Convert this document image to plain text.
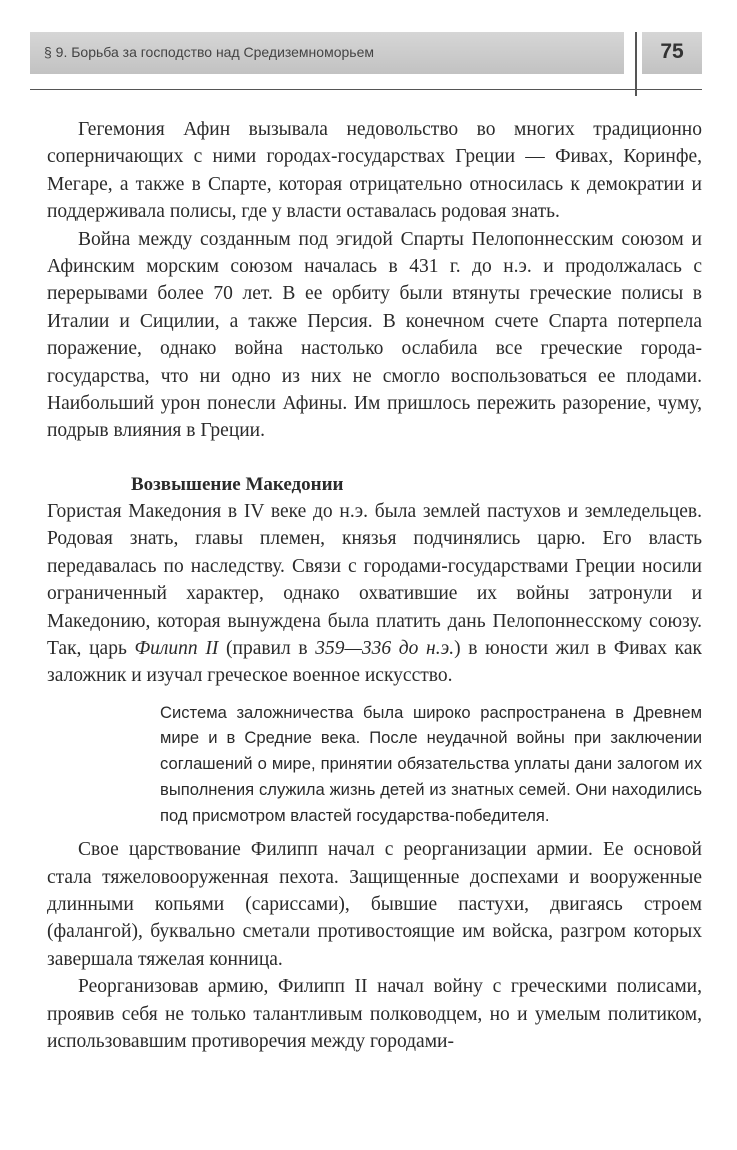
§ 9. Борьба за господство над Средиземноморьем	75

Гегемония Афин вызывала недовольство во многих традиционно соперничающих с ними городах-государствах Греции — Фивах, Коринфе, Мегаре, а также в Спарте, которая отрицательно относилась к демократии и поддерживала полисы, где у власти оставалась родовая знать.

Война между созданным под эгидой Спарты Пелопоннесским союзом и Афинским морским союзом началась в 431 г. до н.э. и продолжалась с перерывами более 70 лет. В ее орбиту были втянуты греческие полисы в Италии и Сицилии, а также Персия. В конечном счете Спарта потерпела поражение, однако война настолько ослабила все греческие города-государства, что ни одно из них не смогло воспользоваться ее плодами. Наибольший урон понесли Афины. Им пришлось пережить разорение, чуму, подрыв влияния в Греции.

Возвышение Македонии

Гористая Македония в IV веке до н.э. была землей пастухов и земледельцев. Родовая знать, главы племен, князья подчинялись царю. Его власть передавалась по наследству. Связи с городами-государствами Греции носили ограниченный характер, однако охватившие их войны затронули и Македонию, которая вынуждена была платить дань Пелопоннесскому союзу. Так, царь Филипп II (правил в 359—336 до н.э.) в юности жил в Фивах как заложник и изучал греческое военное искусство.

Система заложничества была широко распространена в Древнем мире и в Средние века. После неудачной войны при заключении соглашений о мире, принятии обязательства уплаты дани залогом их выполнения служила жизнь детей из знатных семей. Они находились под присмотром властей государства-победителя.

Свое царствование Филипп начал с реорганизации армии. Ее основой стала тяжеловооруженная пехота. Защищенные доспехами и вооруженные длинными копьями (сариссами), бывшие пастухи, двигаясь строем (фалангой), буквально сметали противостоящие им войска, разгром которых завершала тяжелая конница.

Реорганизовав армию, Филипп II начал войну с греческими полисами, проявив себя не только талантливым полководцем, но и умелым политиком, использовавшим противоречия между городами-
